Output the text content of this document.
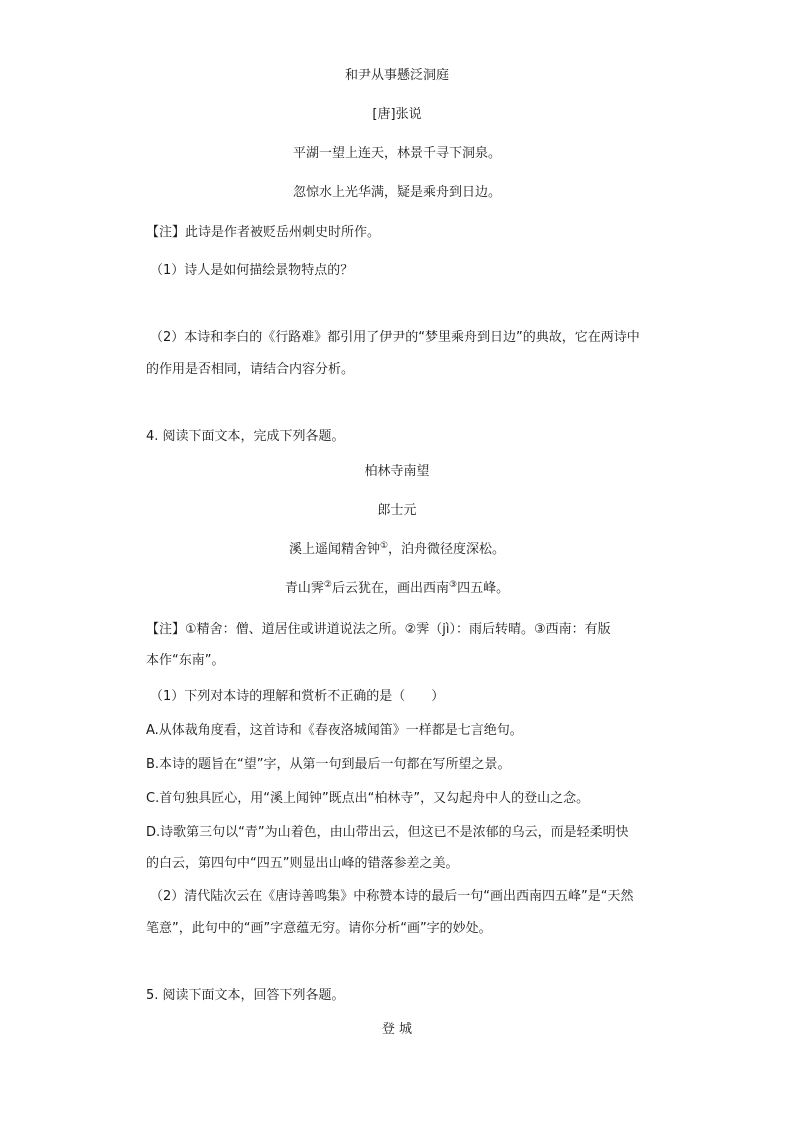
和尹从事懸泛洞庭
[唐]张说
平湖一望上连天，林景千寻下洞泉。
忽惊水上光华满，疑是乘舟到日边。
【注】此诗是作者被贬岳州刺史时所作。
（1）诗人是如何描绘景物特点的？
（2）本诗和李白的《行路难》都引用了伊尹的“梦里乘舟到日边”的典故，它在两诗中
的作用是否相同，请结合内容分析。
4. 阅读下面文本，完成下列各题。
柏林寺南望
郎士元
溪上遥闻精舍钟①，泊舟微径度深松。
青山霁②后云犹在，画出西南③四五峰。
【注】①精舍：僧、道居住或讲道说法之所。②霁（jì）：雨后转晴。③西南：有版
本作“东南”。
（1）下列对本诗的理解和赏析不正确的是（　　）
A.从体裁角度看，这首诗和《春夜洛城闻笛》一样都是七言绝句。
B.本诗的题旨在“望”字，从第一句到最后一句都在写所望之景。
C.首句独具匠心，用“溪上闻钟”既点出“柏林寺”，又勾起舟中人的登山之念。
D.诗歌第三句以“青”为山着色，由山带出云，但这已不是浓郁的乌云，而是轻柔明快
的白云，第四句中“四五”则显出山峰的错落参差之美。
（2）清代陆次云在《唐诗善鸣集》中称赞本诗的最后一句“画出西南四五峰”是“天然
笔意”，此句中的“画”字意蕴无穷。请你分析“画”字的妙处。
5. 阅读下面文本，回答下列各题。
登 城
